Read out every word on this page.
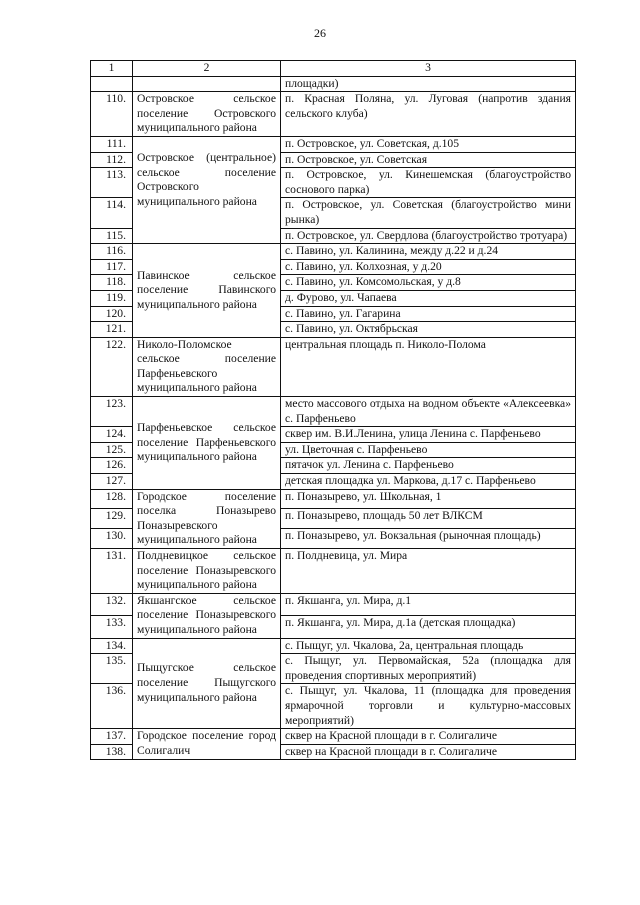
26
1	2	3
		площадки)
110.	Островское сельское поселение Островского муниципального района	п. Красная Поляна, ул. Луговая (напротив здания сельского клуба)
111.	Островское (центральное) сельское поселение Островского муниципального района	п. Островское, ул. Советская, д.105
112.		п. Островское, ул. Советская
113.		п. Островское, ул. Кинешемская (благоустройство соснового парка)
114.		п. Островское, ул. Советская (благоустройство мини рынка)
115.		п. Островское, ул. Свердлова (благоустройство тротуара)
116.	Павинское сельское поселение Павинского муниципального района	с. Павино, ул. Калинина, между д.22 и д.24
117.		с. Павино, ул. Колхозная, у д.20
118.		с. Павино, ул. Комсомольская, у д.8
119.		д. Фурово, ул. Чапаева
120.		с. Павино, ул. Гагарина
121.		с. Павино, ул. Октябрьская
122.	Николо-Поломское сельское поселение Парфеньевского муниципального района	центральная площадь п. Николо-Полома
123.	Парфеньевское сельское поселение Парфеньевского муниципального района	место массового отдыха на водном объекте «Алексеевка» с. Парфеньево
124.		сквер им. В.И.Ленина, улица Ленина с. Парфеньево
125.		ул. Цветочная с. Парфеньево
126.		пятачок ул. Ленина с. Парфеньево
127.		детская площадка ул. Маркова, д.17 с. Парфеньево
128.	Городское поселение поселка Поназырево Поназыревского муниципального района	п. Поназырево, ул. Школьная, 1
129.		п. Поназырево, площадь 50 лет ВЛКСМ
130.		п. Поназырево, ул. Вокзальная (рыночная площадь)
131.	Полдневицкое сельское поселение Поназыревского муниципального района	п. Полдневица, ул. Мира
132.	Якшангское сельское поселение Поназыревского муниципального района	п. Якшанга, ул. Мира, д.1
133.		п. Якшанга, ул. Мира, д.1а (детская площадка)
134.	Пыщугское сельское поселение Пыщугского муниципального района	с. Пыщуг, ул. Чкалова, 2а, центральная площадь
135.		с. Пыщуг, ул. Первомайская, 52а (площадка для проведения спортивных мероприятий)
136.		с. Пыщуг, ул. Чкалова, 11 (площадка для проведения ярмарочной торговли и культурно-массовых мероприятий)
137.	Городское поселение город Солигалич	сквер на Красной площади в г. Солигаличе
138.		сквер на Красной площади в г. Солигаличе
